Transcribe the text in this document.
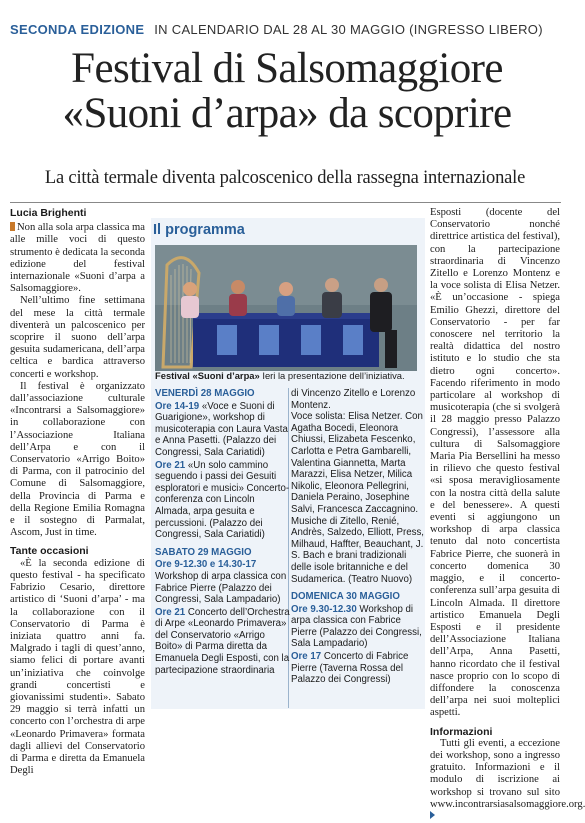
SECONDA EDIZIONE IN CALENDARIO DAL 28 AL 30 MAGGIO (INGRESSO LIBERO)
Festival di Salsomaggiore
«Suoni d’arpa» da scoprire
La città termale diventa palcoscenico della rassegna internazionale
Lucia Brighenti

Non alla sola arpa classica ma alle mille voci di questo strumento è dedicata la seconda edizione del festival internazionale «Suoni d’arpa a Salsomaggiore».

Nell’ultimo fine settimana del mese la città termale diventerà un palcoscenico per scoprire il suono dell’arpa gesuita sudamericana, dell’arpa celtica e bardica attraverso concerti e workshop.

Il festival è organizzato dall’associazione culturale «Incontrarsi a Salsomaggiore» in collaborazione con l’Associazione Italiana dell’Arpa e con il Conservatorio «Arrigo Boito» di Parma, con il patrocinio del Comune di Salsomaggiore, della Provincia di Parma e della Regione Emilia Romagna e il sostegno di Parmalat, Ascom, Just in time.

Tante occasioni

«È la seconda edizione di questo festival - ha specificato Fabrizio Cesario, direttore artistico di ‘Suoni d’arpa’ - ma la collaborazione con il Conservatorio di Parma è iniziata quattro anni fa. Malgrado i tagli di quest’anno, siamo felici di portare avanti un’iniziativa che coinvolge grandi concertisti e giovanissimi studenti». Sabato 29 maggio si terrà infatti un concerto con l’orchestra di arpe «Leonardo Primavera» formata dagli allievi del Conservatorio di Parma e diretta da Emanuela Degli

Il programma
Festival «Suoni d’arpa» Ieri la presentazione dell’iniziativa.
VENERDÌ 28 MAGGIO

Ore 14-19 «Voce e Suoni di Guarigione», workshop di musicoterapia con Laura Vasta e Anna Pasetti. (Palazzo dei Congressi, Sala Cariatidi)

Ore 21 «Un solo cammino seguendo i passi dei Gesuiti esploratori e musici» Concerto-conferenza con Lincoln Almada, arpa gesuita e percussioni. (Palazzo dei Congressi, Sala Cariatidi)

SABATO 29 MAGGIO

Ore 9-12.30 e 14.30-17 Workshop di arpa classica con Fabrice Pierre (Palazzo dei Congressi, Sala Lampadario)

Ore 21 Concerto dell’Orchestra di Arpe «Leonardo Primavera» del Conservatorio «Arrigo Boito» di Parma diretta da Emanuela Degli Esposti, con la partecipazione straordinaria

di Vincenzo Zitello e Lorenzo Montenz.

Voce solista: Elisa Netzer. Con Agatha Bocedi, Eleonora Chiussi, Elizabeta Fescenko, Carlotta e Petra Gambarelli, Valentina Giannetta, Marta Marazzi, Elisa Netzer, Milica Nikolic, Eleonora Pellegrini, Daniela Peraino, Josephine Salvi, Francesca Zaccagnino. Musiche di Zitello, Renié, Andrès, Salzedo, Elliott, Press, Milhaud, Haffter, Beauchant, J. S. Bach e brani tradizionali delle isole britanniche e del Sudamerica. (Teatro Nuovo)

DOMENICA 30 MAGGIO

Ore 9.30-12.30 Workshop di arpa classica con Fabrice Pierre (Palazzo dei Congressi, Sala Lampadario)

Ore 17 Concerto di Fabrice Pierre (Taverna Rossa del Palazzo dei Congressi)

Esposti (docente del Conservatorio nonché direttrice artistica del festival), con la partecipazione straordinaria di Vincenzo Zitello e Lorenzo Montenz e la voce solista di Elisa Netzer. «È un’occasione - spiega Emilio Ghezzi, direttore del Conservatorio - per far conoscere nel territorio la realtà didattica del nostro istituto e lo studio che sta dietro ogni concerto». Facendo riferimento in modo particolare al workshop di musicoterapia (che si svolgerà il 28 maggio presso Palazzo Congressi), l’assessore alla cultura di Salsomaggiore Maria Pia Bersellini ha messo in rilievo che questo festival «si sposa meravigliosamente con la nostra città della salute e del benessere». A questi eventi si aggiungono un workshop di arpa classica tenuto dal noto concertista Fabrice Pierre, che suonerà in concerto domenica 30 maggio, e il concerto-conferenza sull’arpa gesuita di Lincoln Almada. Il direttore artistico Emanuela Degli Esposti e il presidente dell’Associazione Italiana dell’Arpa, Anna Pasetti, hanno ricordato che il festival nasce proprio con lo scopo di diffondere la conoscenza dell’arpa nei suoi molteplici aspetti.

Informazioni

Tutti gli eventi, a eccezione dei workshop, sono a ingresso gratuito. Informazioni e il modulo di iscrizione ai workshop si trovano sul sito www.incontrarsiasalsomaggiore.org.
